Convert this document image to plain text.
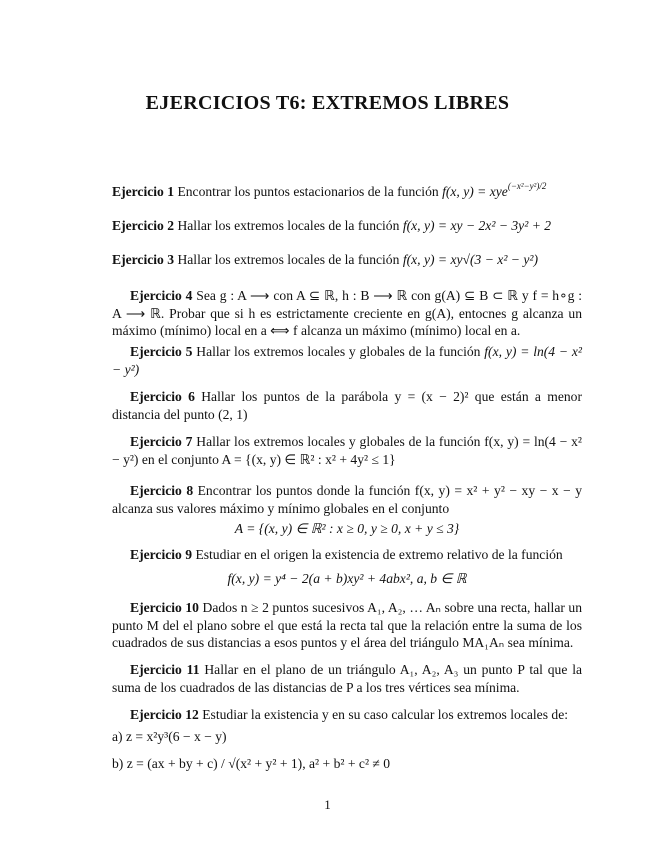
EJERCICIOS T6: EXTREMOS LIBRES
Ejercicio 1 Encontrar los puntos estacionarios de la función f(x, y) = xye$^{(-x^2-y^2)/2}$
Ejercicio 2 Hallar los extremos locales de la función f(x, y) = xy − 2x² − 3y² + 2
Ejercicio 3 Hallar los extremos locales de la función f(x, y) = xy√(3 − x² − y²)
Ejercicio 4 Sea g : A ⟶ con A ⊆ ℝ, h : B ⟶ ℝ con g(A) ⊆ B ⊂ ℝ y f = h∘g : A ⟶ ℝ. Probar que si h es estrictamente creciente en g(A), entocnes g alcanza un máximo (mínimo) local en a ⟺ f alcanza un máximo (mínimo) local en a.
Ejercicio 5 Hallar los extremos locales y globales de la función f(x, y) = ln(4 − x² − y²)
Ejercicio 6 Hallar los puntos de la parábola y = (x − 2)² que están a menor distancia del punto (2, 1)
Ejercicio 7 Hallar los extremos locales y globales de la función f(x, y) = ln(4 − x² − y²) en el conjunto A = {(x, y) ∈ ℝ² : x² + 4y² ≤ 1}
Ejercicio 8 Encontrar los puntos donde la función f(x, y) = x² + y² − xy − x − y alcanza sus valores máximo y mínimo globales en el conjunto
A = {(x, y) ∈ ℝ² : x ≥ 0, y ≥ 0, x + y ≤ 3}
Ejercicio 9 Estudiar en el origen la existencia de extremo relativo de la función
f(x, y) = y⁴ − 2(a + b)xy² + 4abx², a, b ∈ ℝ
Ejercicio 10 Dados n ≥ 2 puntos sucesivos A₁, A₂, … Aₙ sobre una recta, hallar un punto M del el plano sobre el que está la recta tal que la relación entre la suma de los cuadrados de sus distancias a esos puntos y el área del triángulo MA₁Aₙ sea mínima.
Ejercicio 11 Hallar en el plano de un triángulo A₁, A₂, A₃ un punto P tal que la suma de los cuadrados de las distancias de P a los tres vértices sea mínima.
Ejercicio 12 Estudiar la existencia y en su caso calcular los extremos locales de:
a) z = x²y³(6 − x − y)
b) z = (ax + by + c) / √(x² + y² + 1), a² + b² + c² ≠ 0
1
